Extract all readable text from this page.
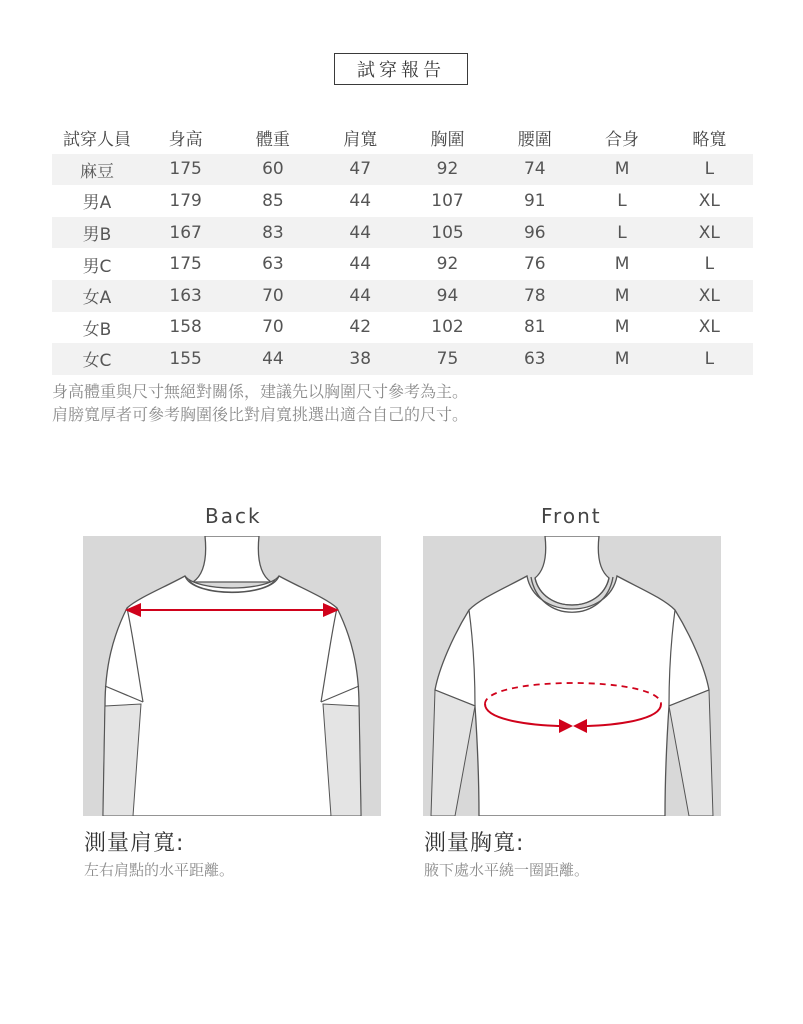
試穿報告
試穿人員	身高	體重	肩寬	胸圍	腰圍	合身	略寬
麻豆	175	60	47	92	74	M	L
男A	179	85	44	107	91	L	XL
男B	167	83	44	105	96	L	XL
男C	175	63	44	92	76	M	L
女A	163	70	44	94	78	M	XL
女B	158	70	42	102	81	M	XL
女C	155	44	38	75	63	M	L
身高體重與尺寸無絕對關係，建議先以胸圍尺寸參考為主。
肩膀寬厚者可參考胸圍後比對肩寬挑選出適合自己的尺寸。
Back
測量肩寬:
左右肩點的水平距離。
Front
測量胸寬:
腋下處水平繞一圈距離。
